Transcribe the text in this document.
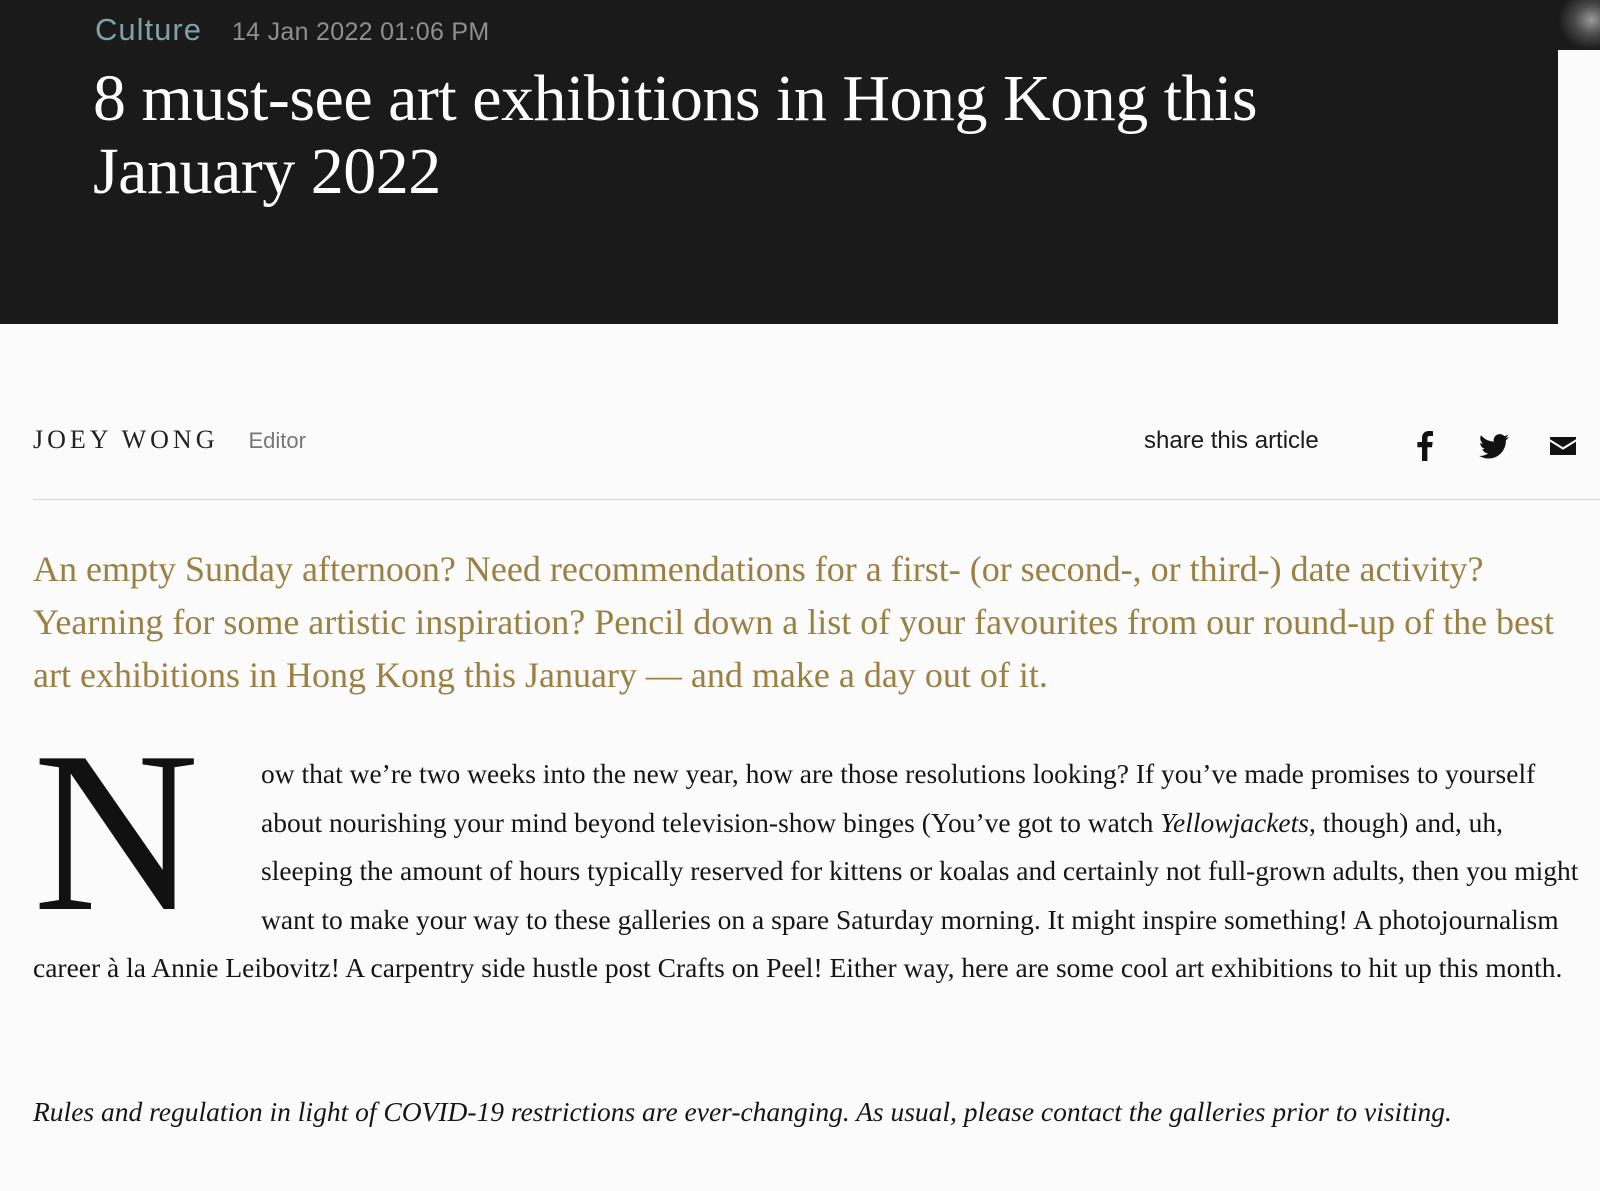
Culture 14 Jan 2022 01:06 PM
8 must-see art exhibitions in Hong Kong this January 2022
JOEY WONG Editor	share this article

An empty Sunday afternoon? Need recommendations for a first- (or second-, or third-) date activity? Yearning for some artistic inspiration? Pencil down a list of your favourites from our round-up of the best art exhibitions in Hong Kong this January — and make a day out of it.

N	ow that we’re two weeks into the new year, how are those resolutions looking? If you’ve made promises to yourself about nourishing your mind beyond television-show binges (You’ve got to watch Yellowjackets, though) and, uh, sleeping the amount of hours typically reserved for kittens or koalas and certainly not full-grown adults, then you might want to make your way to these galleries on a spare Saturday morning. It might inspire something! A photojournalism career à la Annie Leibovitz! A carpentry side hustle post Crafts on Peel! Either way, here are some cool art exhibitions to hit up this month.

Rules and regulation in light of COVID-19 restrictions are ever-changing. As usual, please contact the galleries prior to visiting.
